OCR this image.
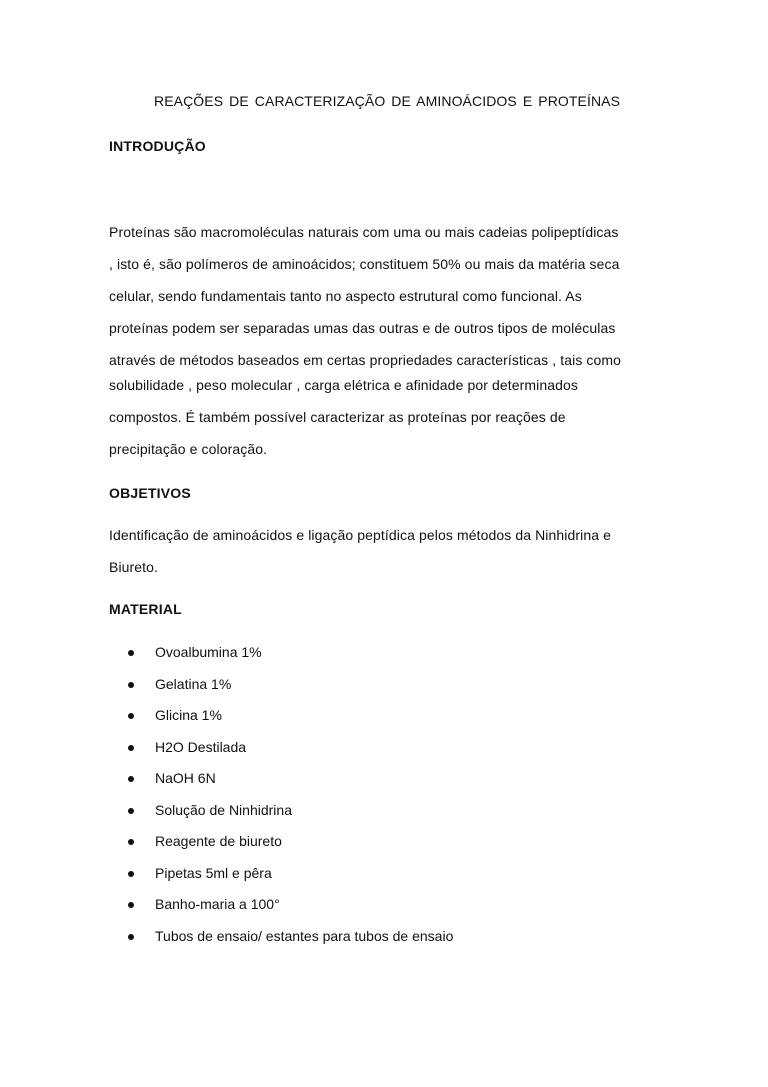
REAÇÕES DE CARACTERIZAÇÃO DE AMINOÁCIDOS E PROTEÍNAS
INTRODUÇÃO
Proteínas são macromoléculas naturais com uma ou mais cadeias polipeptídicas
, isto é, são polímeros de aminoácidos; constituem 50% ou mais da matéria seca
celular, sendo fundamentais tanto no aspecto estrutural como funcional. As
proteínas podem ser separadas umas das outras e de outros tipos de moléculas
através de métodos baseados em certas propriedades características , tais como
solubilidade , peso molecular , carga elétrica e afinidade por determinados
compostos. É também possível caracterizar as proteínas por reações de
precipitação e coloração.
OBJETIVOS
Identificação de aminoácidos e ligação peptídica pelos métodos da Ninhidrina e
Biureto.
MATERIAL
Ovoalbumina 1%
Gelatina 1%
Glicina 1%
H2O Destilada
NaOH 6N
Solução de Ninhidrina
Reagente de biureto
Pipetas 5ml e pêra
Banho-maria a 100°
Tubos de ensaio/ estantes para tubos de ensaio
